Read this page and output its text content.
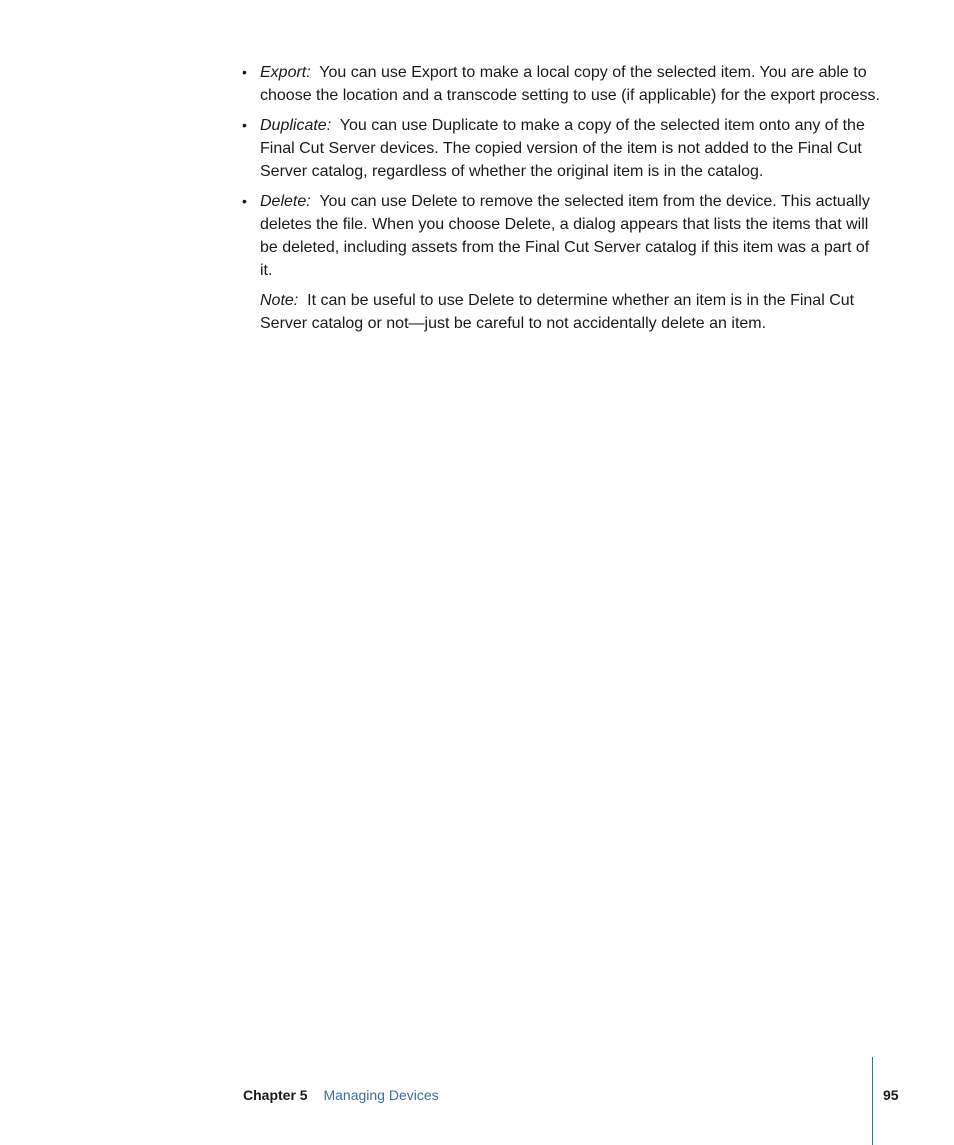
• Export: You can use Export to make a local copy of the selected item. You are able to choose the location and a transcode setting to use (if applicable) for the export process.
• Duplicate: You can use Duplicate to make a copy of the selected item onto any of the Final Cut Server devices. The copied version of the item is not added to the Final Cut Server catalog, regardless of whether the original item is in the catalog.
• Delete: You can use Delete to remove the selected item from the device. This actually deletes the file. When you choose Delete, a dialog appears that lists the items that will be deleted, including assets from the Final Cut Server catalog if this item was a part of it.
Note: It can be useful to use Delete to determine whether an item is in the Final Cut Server catalog or not—just be careful to not accidentally delete an item.
Chapter 5 Managing Devices	95
